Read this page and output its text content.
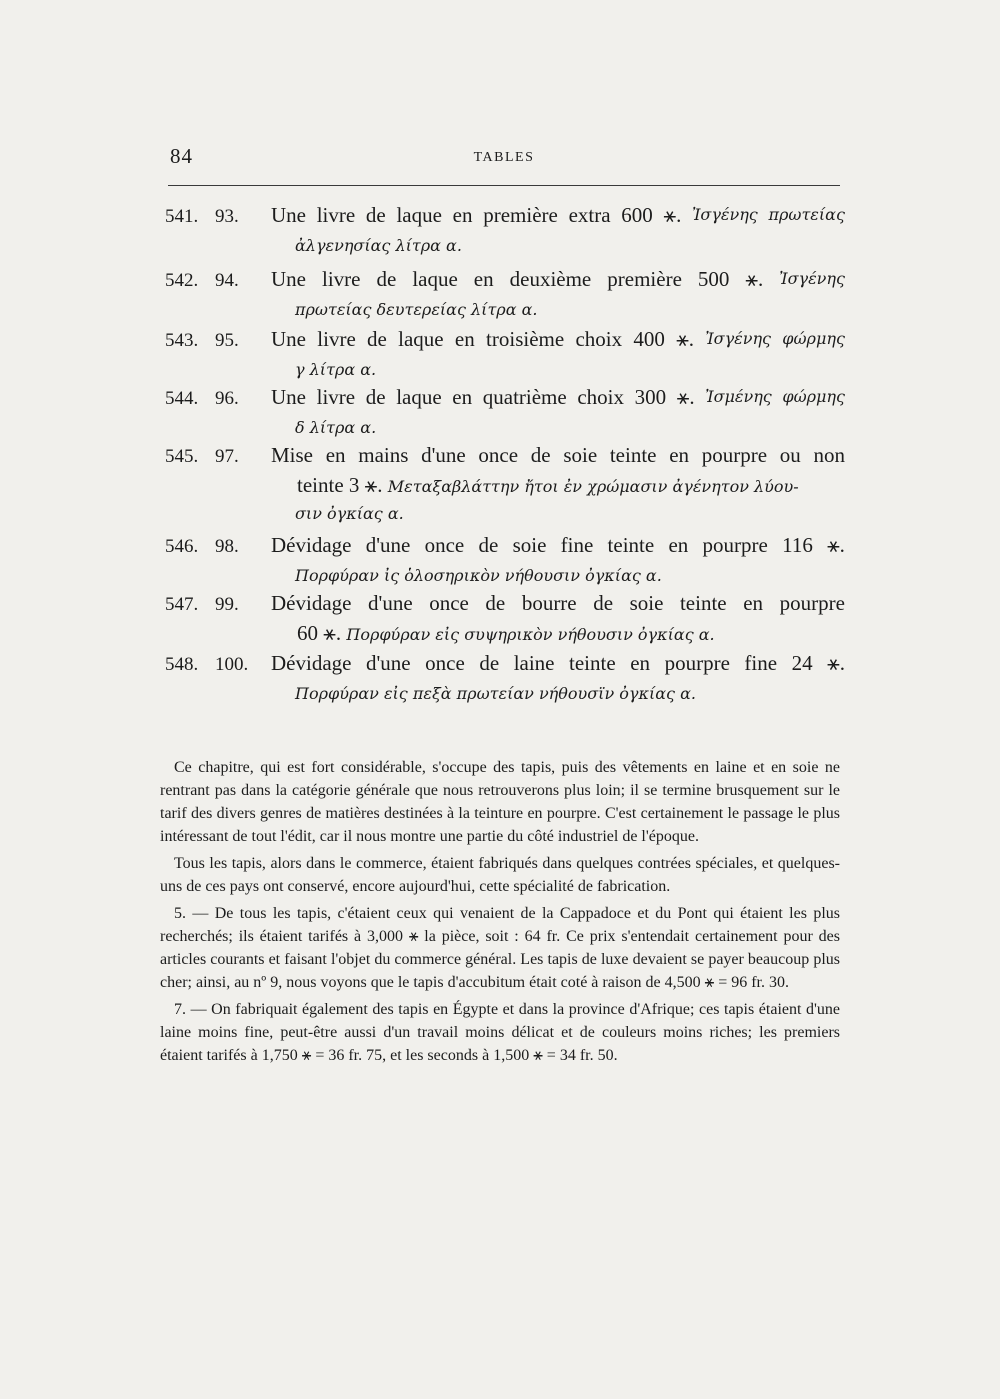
84	TABLES
541. 93.	Une livre de laque en première extra 600 ⚹. Ἰσγένης πρωτείας
ἀλγενησίας λίτρα α.
542. 94.	Une livre de laque en deuxième première 500 ⚹. Ἰσγένης
πρωτείας δευτερείας λίτρα α.
543. 95.	Une livre de laque en troisième choix 400 ⚹. Ἰσγένης φώρμης
γ λίτρα α.
544. 96.	Une livre de laque en quatrième choix 300 ⚹. Ἰσμένης φώρμης
δ λίτρα α.
545. 97.	Mise en mains d'une once de soie teinte en pourpre ou non
teinte 3 ⚹. Μεταξαβλάττην ἤτοι ἐν χρώμασιν ἀγένητον λύου-
σιν ὀγκίας α.
546. 98.	Dévidage d'une once de soie fine teinte en pourpre 116 ⚹.
Πορφύραν ἰς ὁλοσηρικὸν νήθουσιν ὀγκίας α.
547. 99.	Dévidage d'une once de bourre de soie teinte en pourpre
60 ⚹. Πορφύραν εἰς συψηρικὸν νήθουσιν ὀγκίας α.
548. 100.	Dévidage d'une once de laine teinte en pourpre fine 24 ⚹.
Πορφύραν εἰς πεξὰ πρωτείαν νήθουσϊν ὀγκίας α.

Ce chapitre, qui est fort considérable, s'occupe des tapis, puis des vêtements en laine et en soie ne rentrant pas dans la catégorie générale que nous retrouverons plus loin; il se termine brusquement sur le tarif des divers genres de matières destinées à la teinture en pourpre. C'est certainement le passage le plus intéressant de tout l'édit, car il nous montre une partie du côté industriel de l'époque.

Tous les tapis, alors dans le commerce, étaient fabriqués dans quelques contrées spéciales, et quelques-uns de ces pays ont conservé, encore aujourd'hui, cette spécialité de fabrication.

5. — De tous les tapis, c'étaient ceux qui venaient de la Cappadoce et du Pont qui étaient les plus recherchés; ils étaient tarifés à 3,000 ⚹ la pièce, soit : 64 fr. Ce prix s'entendait certainement pour des articles courants et faisant l'objet du commerce général. Les tapis de luxe devaient se payer beaucoup plus cher; ainsi, au nº 9, nous voyons que le tapis d'accubitum était coté à raison de 4,500 ⚹ = 96 fr. 30.

7. — On fabriquait également des tapis en Égypte et dans la province d'Afrique; ces tapis étaient d'une laine moins fine, peut-être aussi d'un travail moins délicat et de couleurs moins riches; les premiers étaient tarifés à 1,750 ⚹ = 36 fr. 75, et les seconds à 1,500 ⚹ = 34 fr. 50.
